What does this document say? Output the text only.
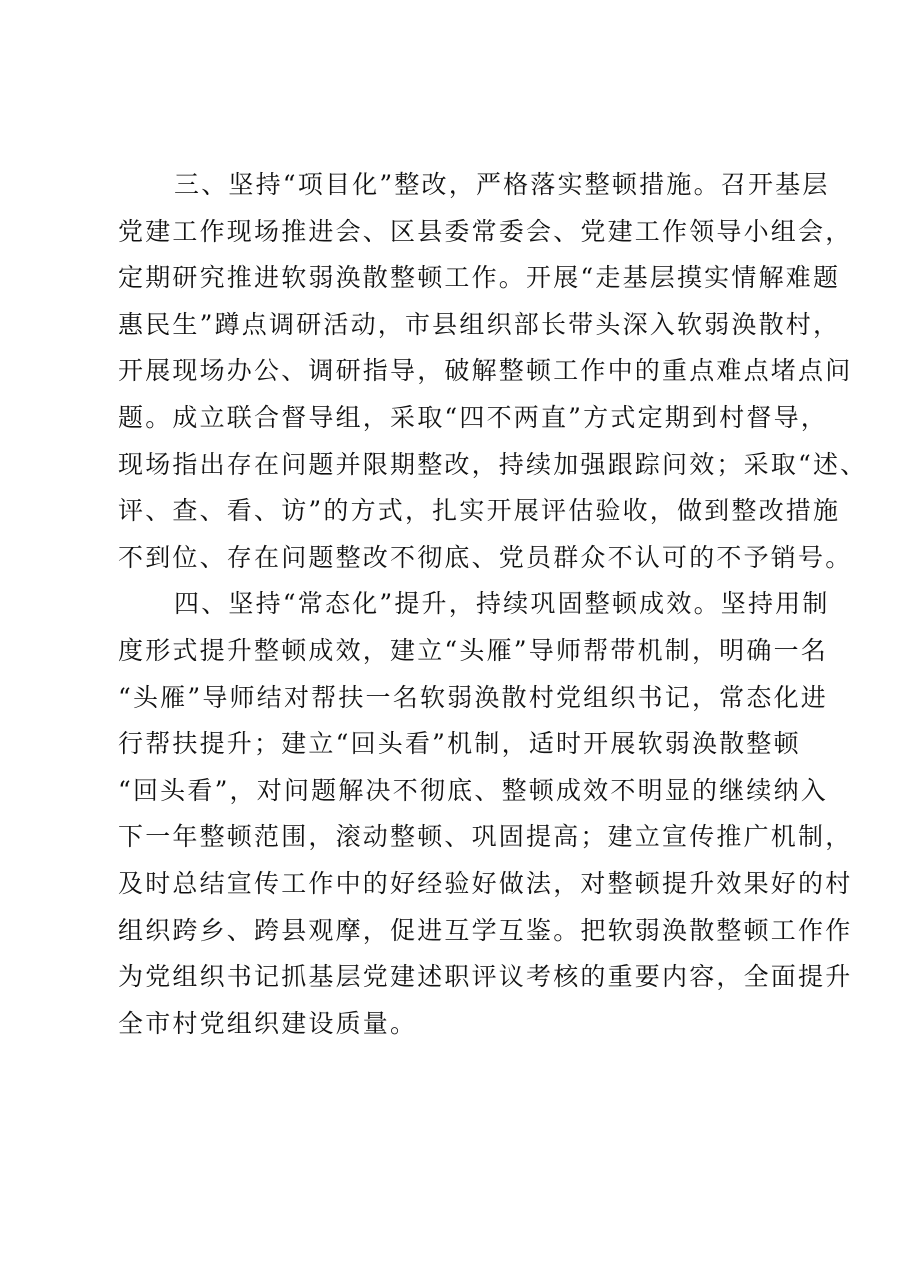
三、坚持“项目化”整改，严格落实整顿措施。召开基层
党建工作现场推进会、区县委常委会、党建工作领导小组会，
定期研究推进软弱涣散整顿工作。开展“走基层摸实情解难题
惠民生”蹲点调研活动，市县组织部长带头深入软弱涣散村，
开展现场办公、调研指导，破解整顿工作中的重点难点堵点问
题。成立联合督导组，采取“四不两直”方式定期到村督导，
现场指出存在问题并限期整改，持续加强跟踪问效；采取“述、
评、查、看、访”的方式，扎实开展评估验收，做到整改措施
不到位、存在问题整改不彻底、党员群众不认可的不予销号。
四、坚持“常态化”提升，持续巩固整顿成效。坚持用制
度形式提升整顿成效，建立“头雁”导师帮带机制，明确一名
“头雁”导师结对帮扶一名软弱涣散村党组织书记，常态化进
行帮扶提升；建立“回头看”机制，适时开展软弱涣散整顿
“回头看”，对问题解决不彻底、整顿成效不明显的继续纳入
下一年整顿范围，滚动整顿、巩固提高；建立宣传推广机制，
及时总结宣传工作中的好经验好做法，对整顿提升效果好的村
组织跨乡、跨县观摩，促进互学互鉴。把软弱涣散整顿工作作
为党组织书记抓基层党建述职评议考核的重要内容，全面提升
全市村党组织建设质量。
